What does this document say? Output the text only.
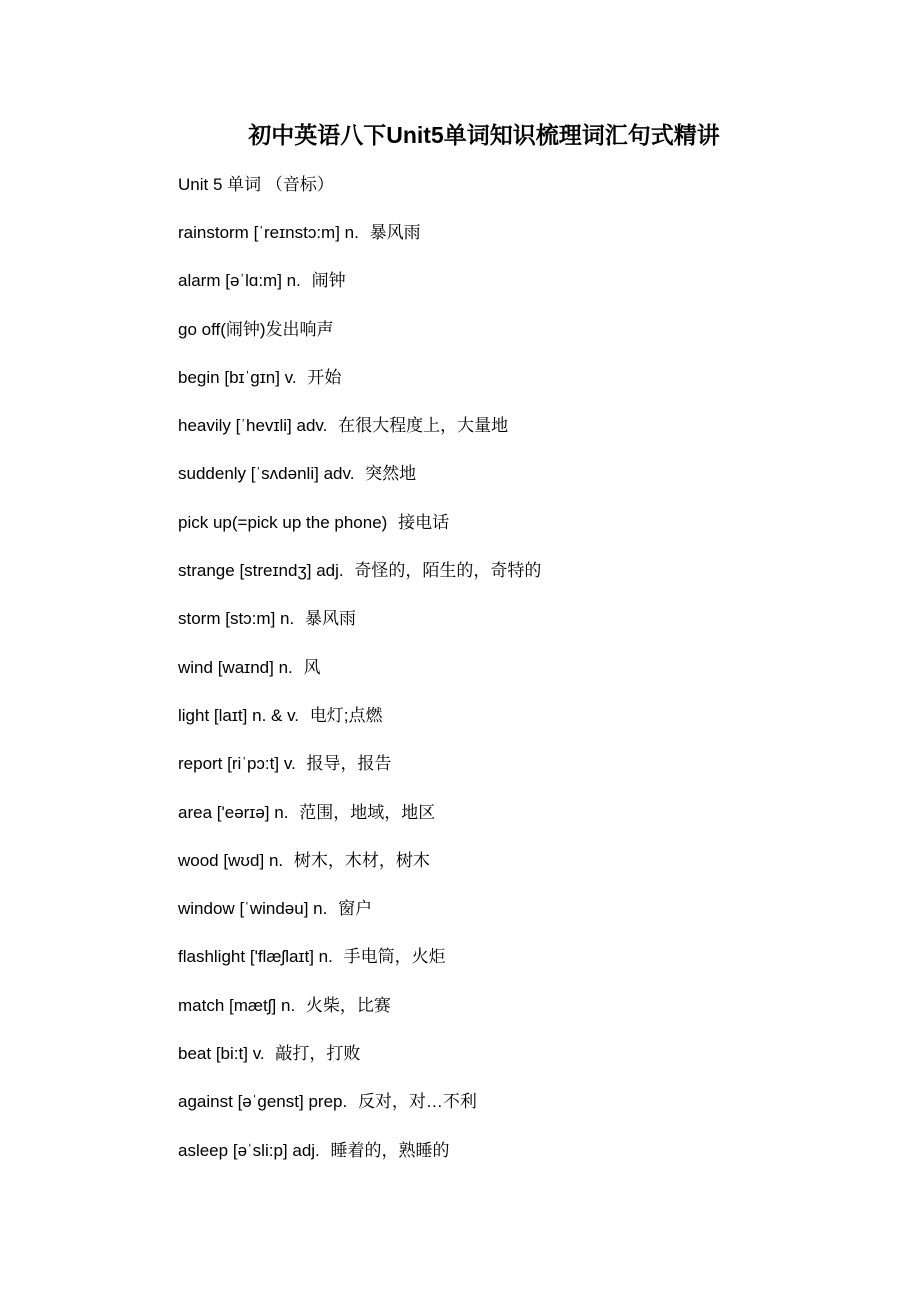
初中英语八下Unit5单词知识梳理词汇句式精讲

Unit 5 单词 （音标）

rainstorm [ˈreɪnstɔ:m] n. 暴风雨
alarm [əˈlɑ:m] n. 闹钟
go off(闹钟)发出响声
begin [bɪˈgɪn] v. 开始
heavily [ˈhevɪli] adv. 在很大程度上，大量地
suddenly [ˈsʌdənli] adv. 突然地
pick up(=pick up the phone) 接电话
strange [streɪndʒ] adj. 奇怪的，陌生的，奇特的
storm [stɔ:m] n. 暴风雨
wind [waɪnd] n. 风
light [laɪt] n. & v. 电灯;点燃
report [riˈpɔ:t] v. 报导，报告
area ['eərɪə] n. 范围，地域，地区
wood [wʊd] n. 树木，木材，树木
window [ˈwindəu] n. 窗户
flashlight ['flæʃlaɪt] n. 手电筒，火炬
match [mætʃ] n. 火柴，比赛
beat [bi:t] v. 敲打，打败
against [əˈgenst] prep. 反对，对…不利
asleep [əˈsli:p] adj. 睡着的，熟睡的
